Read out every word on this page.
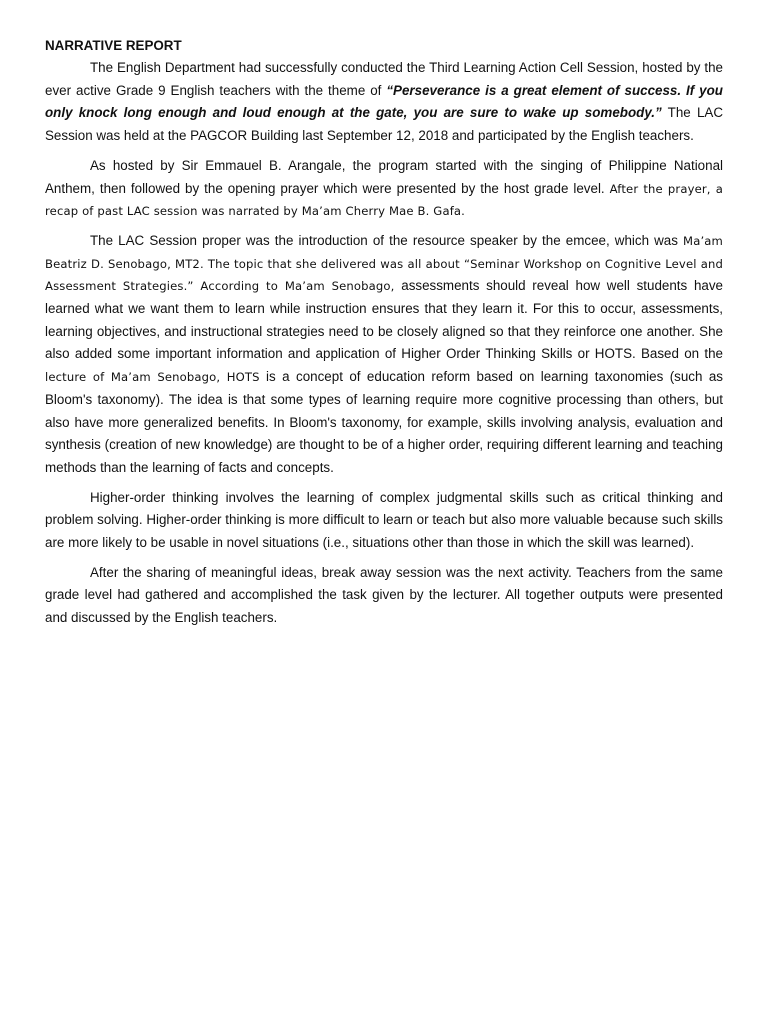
NARRATIVE REPORT

The English Department had successfully conducted the Third Learning Action Cell Session, hosted by the ever active Grade 9 English teachers with the theme of “Perseverance is a great element of success. If you only knock long enough and loud enough at the gate, you are sure to wake up somebody.” The LAC Session was held at the PAGCOR Building last September 12, 2018 and participated by the English teachers.

As hosted by Sir Emmauel B. Arangale, the program started with the singing of Philippine National Anthem, then followed by the opening prayer which were presented by the host grade level. After the prayer, a recap of past LAC session was narrated by Ma’am Cherry Mae B. Gafa.

The LAC Session proper was the introduction of the resource speaker by the emcee, which was Ma’am Beatriz D. Senobago, MT2. The topic that she delivered was all about “Seminar Workshop on Cognitive Level and Assessment Strategies.” According to Ma’am Senobago, assessments should reveal how well students have learned what we want them to learn while instruction ensures that they learn it. For this to occur, assessments, learning objectives, and instructional strategies need to be closely aligned so that they reinforce one another. She also added some important information and application of Higher Order Thinking Skills or HOTS. Based on the lecture of Ma’am Senobago, HOTS is a concept of education reform based on learning taxonomies (such as Bloom's taxonomy). The idea is that some types of learning require more cognitive processing than others, but also have more generalized benefits. In Bloom's taxonomy, for example, skills involving analysis, evaluation and synthesis (creation of new knowledge) are thought to be of a higher order, requiring different learning and teaching methods than the learning of facts and concepts.

Higher-order thinking involves the learning of complex judgmental skills such as critical thinking and problem solving. Higher-order thinking is more difficult to learn or teach but also more valuable because such skills are more likely to be usable in novel situations (i.e., situations other than those in which the skill was learned).

After the sharing of meaningful ideas, break away session was the next activity. Teachers from the same grade level had gathered and accomplished the task given by the lecturer. All together outputs were presented and discussed by the English teachers.
